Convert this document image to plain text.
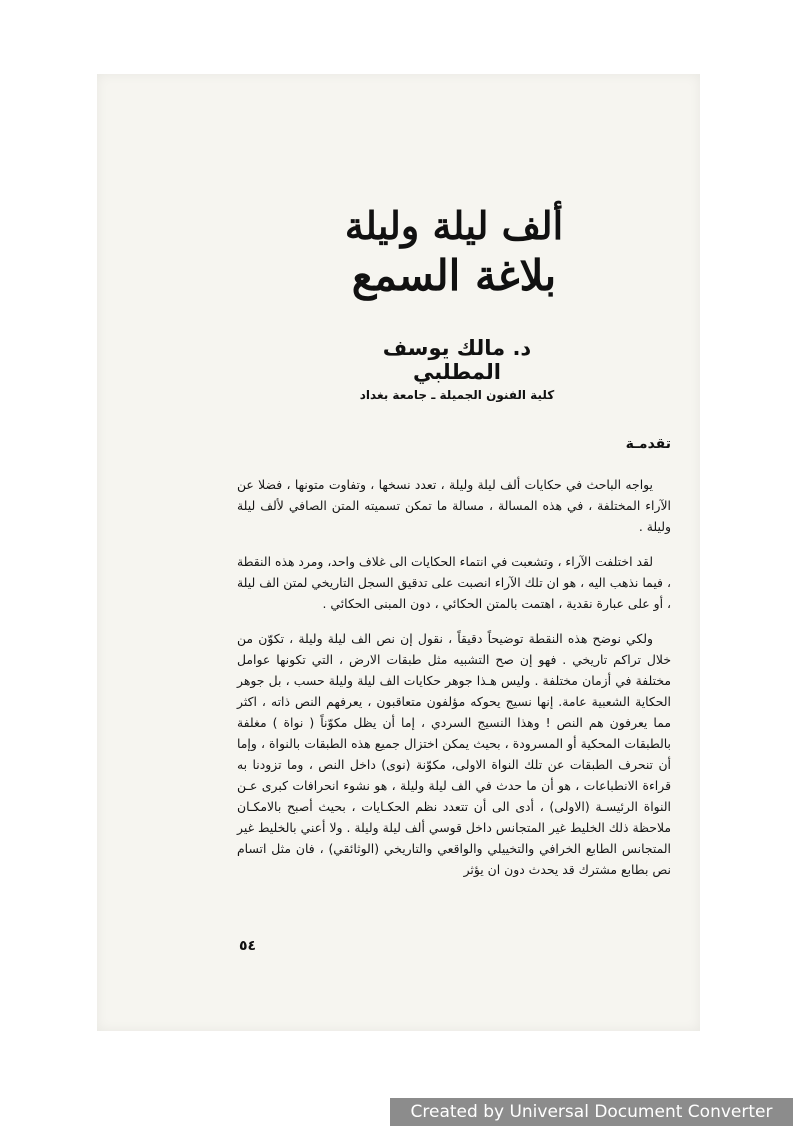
ألف ليلة وليلة
بلاغة السمع
د. مالك يوسف المطلبي
كلية الفنون الجميلة ـ جامعة بغداد
تقدمـة

يواجه الباحث في حكايات ألف ليلة وليلة ، تعدد نسخها ، وتفاوت متونها ، فضلا عن الآراء المختلفة ، في هذه المسالة ، مسالة ما تمكن تسميته المتن الصافي لألف ليلة وليلة .

لقد اختلفت الآراء ، وتشعبت في انتماء الحكايات الى غلاف واحد، ومرد هذه النقطة ، فيما نذهب اليه ، هو ان تلك الآراء انصبت على تدقيق السجل التاريخي لمتن الف ليلة ، أو على عبارة نقدية ، اهتمت بالمتن الحكائي ، دون المبنى الحكائي .

ولكي نوضح هذه النقطة توضيحاً دقيقاً ، نقول إن نص الف ليلة وليلة ، تكوّن من خلال تراكم تاريخي . فهو إن صح التشبيه مثل طبقات الارض ، التي تكونها عوامل مختلفة في أزمان مختلفة . وليس هـذا جوهر حكايات الف ليلة وليلة حسب ، بل جوهر الحكاية الشعبية عامة. إنها نسيج يحوكه مؤلفون متعاقبون ، يعرفهم النص ذاته ، اكثر مما يعرفون هم النص ! وهذا النسيج السردي ، إما أن يظل مكوّناً ( نواة ) مغلفة بالطبقات المحكية أو المسرودة ، بحيث يمكن اختزال جميع هذه الطبقات بالنواة ، وإما أن تنحرف الطبقات عن تلك النواة الاولى، مكوّنة (نوى) داخل النص ، وما تزودنا به قراءة الانطباعات ، هو أن ما حدث في الف ليلة وليلة ، هو نشوء انحرافات كبرى عـن النواة الرئيسـة (الاولى) ، أدى الى أن تتعدد نظم الحكـايات ، بحيث أصبح بالامكـان ملاحظة ذلك الخليط غير المتجانس داخل قوسي ألف ليلة وليلة . ولا أعني بالخليط غير المتجانس الطابع الخرافي والتخييلي والواقعي والتاريخي (الوثائقي) ، فان مثل اتسام نص بطابع مشترك قد يحدث دون ان يؤثر

٥٤
Created by Universal Document Converter
